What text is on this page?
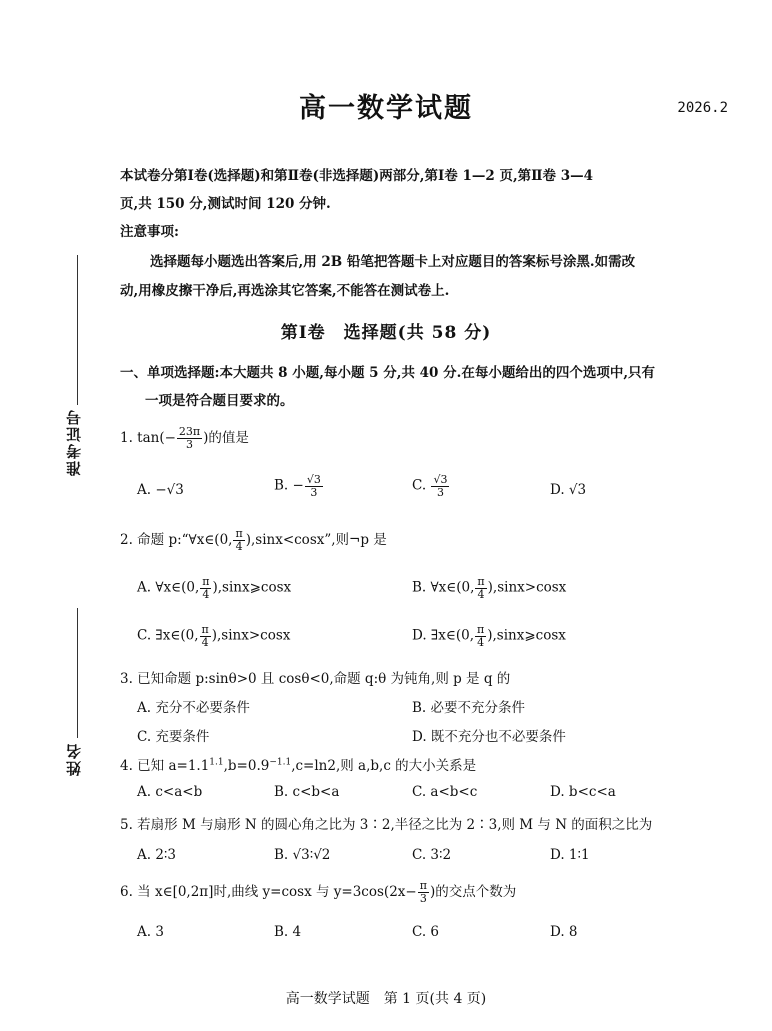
高一数学试题	2026.2
本试卷分第Ⅰ卷(选择题)和第Ⅱ卷(非选择题)两部分,第Ⅰ卷 1—2 页,第Ⅱ卷 3—4
页,共 150 分,测试时间 120 分钟.
注意事项:
选择题每小题选出答案后,用 2B 铅笔把答题卡上对应题目的答案标号涂黑.如需改
动,用橡皮擦干净后,再选涂其它答案,不能答在测试卷上.
第Ⅰ卷　选择题(共 58 分)
一、单项选择题:本大题共 8 小题,每小题 5 分,共 40 分.在每小题给出的四个选项中,只有
一项是符合题目要求的。
准考证号
姓名
1. $\tan(- \frac{23\pi}{3}$ )的值是
A. −√3	B. − $\frac{√3}{3}$	C. $\frac{√3}{3}$	D. √3
2. 命题 p:“∀x∈(0, $\frac{\pi}{4} ),\sin x<\cos x$”,则¬p 是
A. ∀x∈(0, $\frac{\pi}{4}$ ),sinx⩾cosx	B. ∀x∈(0, $\frac{\pi}{4} ),\sin x>\cos x$
C. ∃x∈(0, $\frac{\pi}{4} ),\sin x>\cos x$	D. ∃x∈(0, $\frac{\pi}{4}$ ),sinx⩾cosx
3. 已知命题 p:sinθ>0 且 cosθ<0,命题 q:θ 为钝角,则 p 是 q 的
A. 充分不必要条件	B. 必要不充分条件
C. 充要条件	D. 既不充分也不必要条件
4. 已知 $a=1.1^{1.1},b=0.9^{-1.1},c=\ln 2$,则 a,b,c 的大小关系是
A. c<a<b	B. c<b<a	C. a<b<c	D. b<c<a
5. 若扇形 M 与扇形 N 的圆心角之比为 3∶2,半径之比为 2∶3,则 M 与 N 的面积之比为
A. 2∶3	B. √3∶√2	C. 3∶2	D. 1∶1
6. 当 x∈[0,2π]时,曲线 y=cosx 与 $y=3\cos(2x- \frac{\pi}{3}$ )的交点个数为
A. 3	B. 4	C. 6	D. 8
高一数学试题　第 1 页(共 4 页)
